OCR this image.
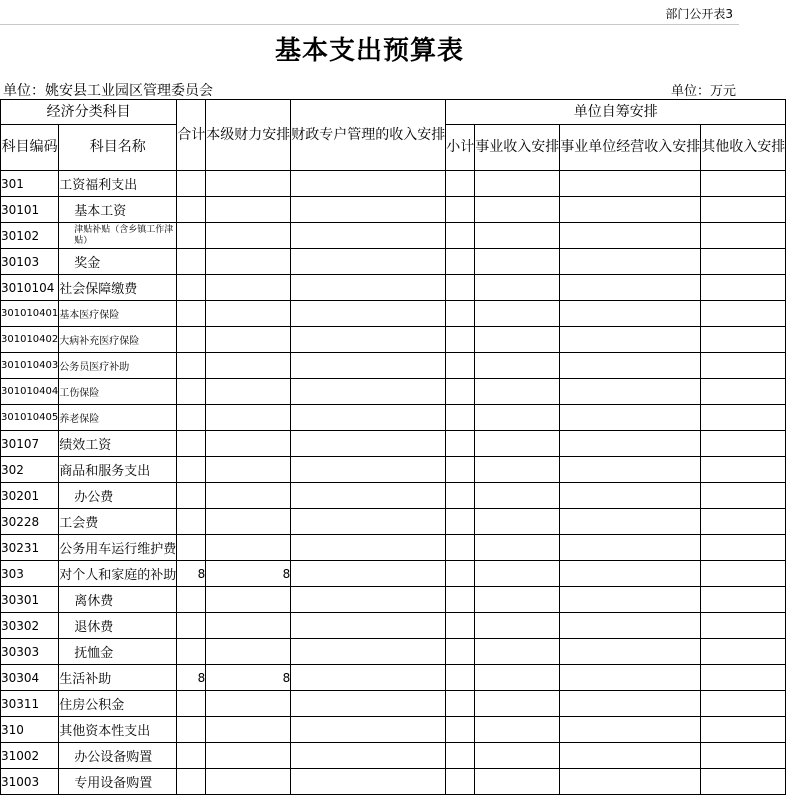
部门公开表3
基本支出预算表
单位：姚安县工业园区管理委员会	单位：万元
经济分类科目		合计	本级财力安排	财政专户管理的收入安排	单位自筹安排			
科目编码	科目名称				小计	事业收入安排	事业单位经营收入安排	其他收入安排
301	工资福利支出							
30101	基本工资							
30102	津贴补贴（含乡镇工作津贴）							
30103	奖金							
3010104	社会保障缴费							
301010401	基本医疗保险							
301010402	大病补充医疗保险							
301010403	公务员医疗补助							
301010404	工伤保险							
301010405	养老保险							
30107	绩效工资							
302	商品和服务支出							
30201	办公费							
30228	工会费							
30231	公务用车运行维护费							
303	对个人和家庭的补助	8	8					
30301	离休费							
30302	退休费							
30303	抚恤金							
30304	生活补助	8	8					
30311	住房公积金							
310	其他资本性支出							
31002	办公设备购置							
31003	专用设备购置							
